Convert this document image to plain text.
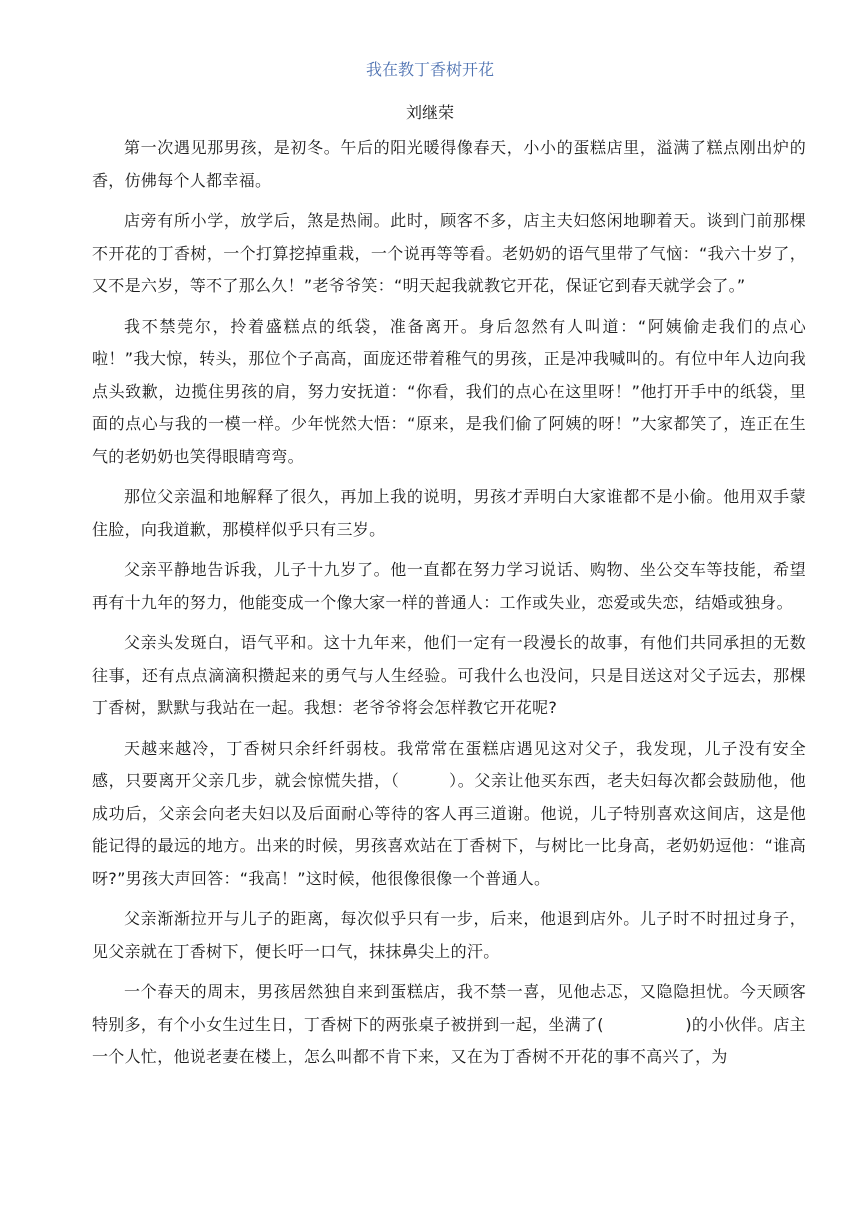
我在教丁香树开花
刘继荣

第一次遇见那男孩，是初冬。午后的阳光暖得像春天，小小的蛋糕店里，溢满了糕点刚出炉的香，仿佛每个人都幸福。

店旁有所小学，放学后，煞是热闹。此时，顾客不多，店主夫妇悠闲地聊着天。谈到门前那棵不开花的丁香树，一个打算挖掉重栽，一个说再等等看。老奶奶的语气里带了气恼：“我六十岁了，又不是六岁，等不了那么久！”老爷爷笑：“明天起我就教它开花，保证它到春天就学会了。”

我不禁莞尔，拎着盛糕点的纸袋，准备离开。身后忽然有人叫道：“阿姨偷走我们的点心啦！”我大惊，转头，那位个子高高，面庞还带着稚气的男孩，正是冲我喊叫的。有位中年人边向我点头致歉，边揽住男孩的肩，努力安抚道：“你看，我们的点心在这里呀！”他打开手中的纸袋，里面的点心与我的一模一样。少年恍然大悟：“原来，是我们偷了阿姨的呀！”大家都笑了，连正在生气的老奶奶也笑得眼睛弯弯。

那位父亲温和地解释了很久，再加上我的说明，男孩才弄明白大家谁都不是小偷。他用双手蒙住脸，向我道歉，那模样似乎只有三岁。

父亲平静地告诉我，儿子十九岁了。他一直都在努力学习说话、购物、坐公交车等技能，希望再有十九年的努力，他能变成一个像大家一样的普通人：工作或失业，恋爱或失恋，结婚或独身。

父亲头发斑白，语气平和。这十九年来，他们一定有一段漫长的故事，有他们共同承担的无数往事，还有点点滴滴积攒起来的勇气与人生经验。可我什么也没问，只是目送这对父子远去，那棵丁香树，默默与我站在一起。我想：老爷爷将会怎样教它开花呢?

天越来越冷，丁香树只余纤纤弱枝。我常常在蛋糕店遇见这对父子，我发现，儿子没有安全感，只要离开父亲几步，就会惊慌失措，（　　　）。父亲让他买东西，老夫妇每次都会鼓励他，他成功后，父亲会向老夫妇以及后面耐心等待的客人再三道谢。他说，儿子特别喜欢这间店，这是他能记得的最远的地方。出来的时候，男孩喜欢站在丁香树下，与树比一比身高，老奶奶逗他：“谁高呀?”男孩大声回答：“我高！”这时候，他很像很像一个普通人。

父亲渐渐拉开与儿子的距离，每次似乎只有一步，后来，他退到店外。儿子时不时扭过身子，见父亲就在丁香树下，便长吁一口气，抹抹鼻尖上的汗。

一个春天的周末，男孩居然独自来到蛋糕店，我不禁一喜，见他忐忑，又隐隐担忧。今天顾客特别多，有个小女生过生日，丁香树下的两张桌子被拼到一起，坐满了(　　　　　)的小伙伴。店主一个人忙，他说老妻在楼上，怎么叫都不肯下来，又在为丁香树不开花的事不高兴了，为
